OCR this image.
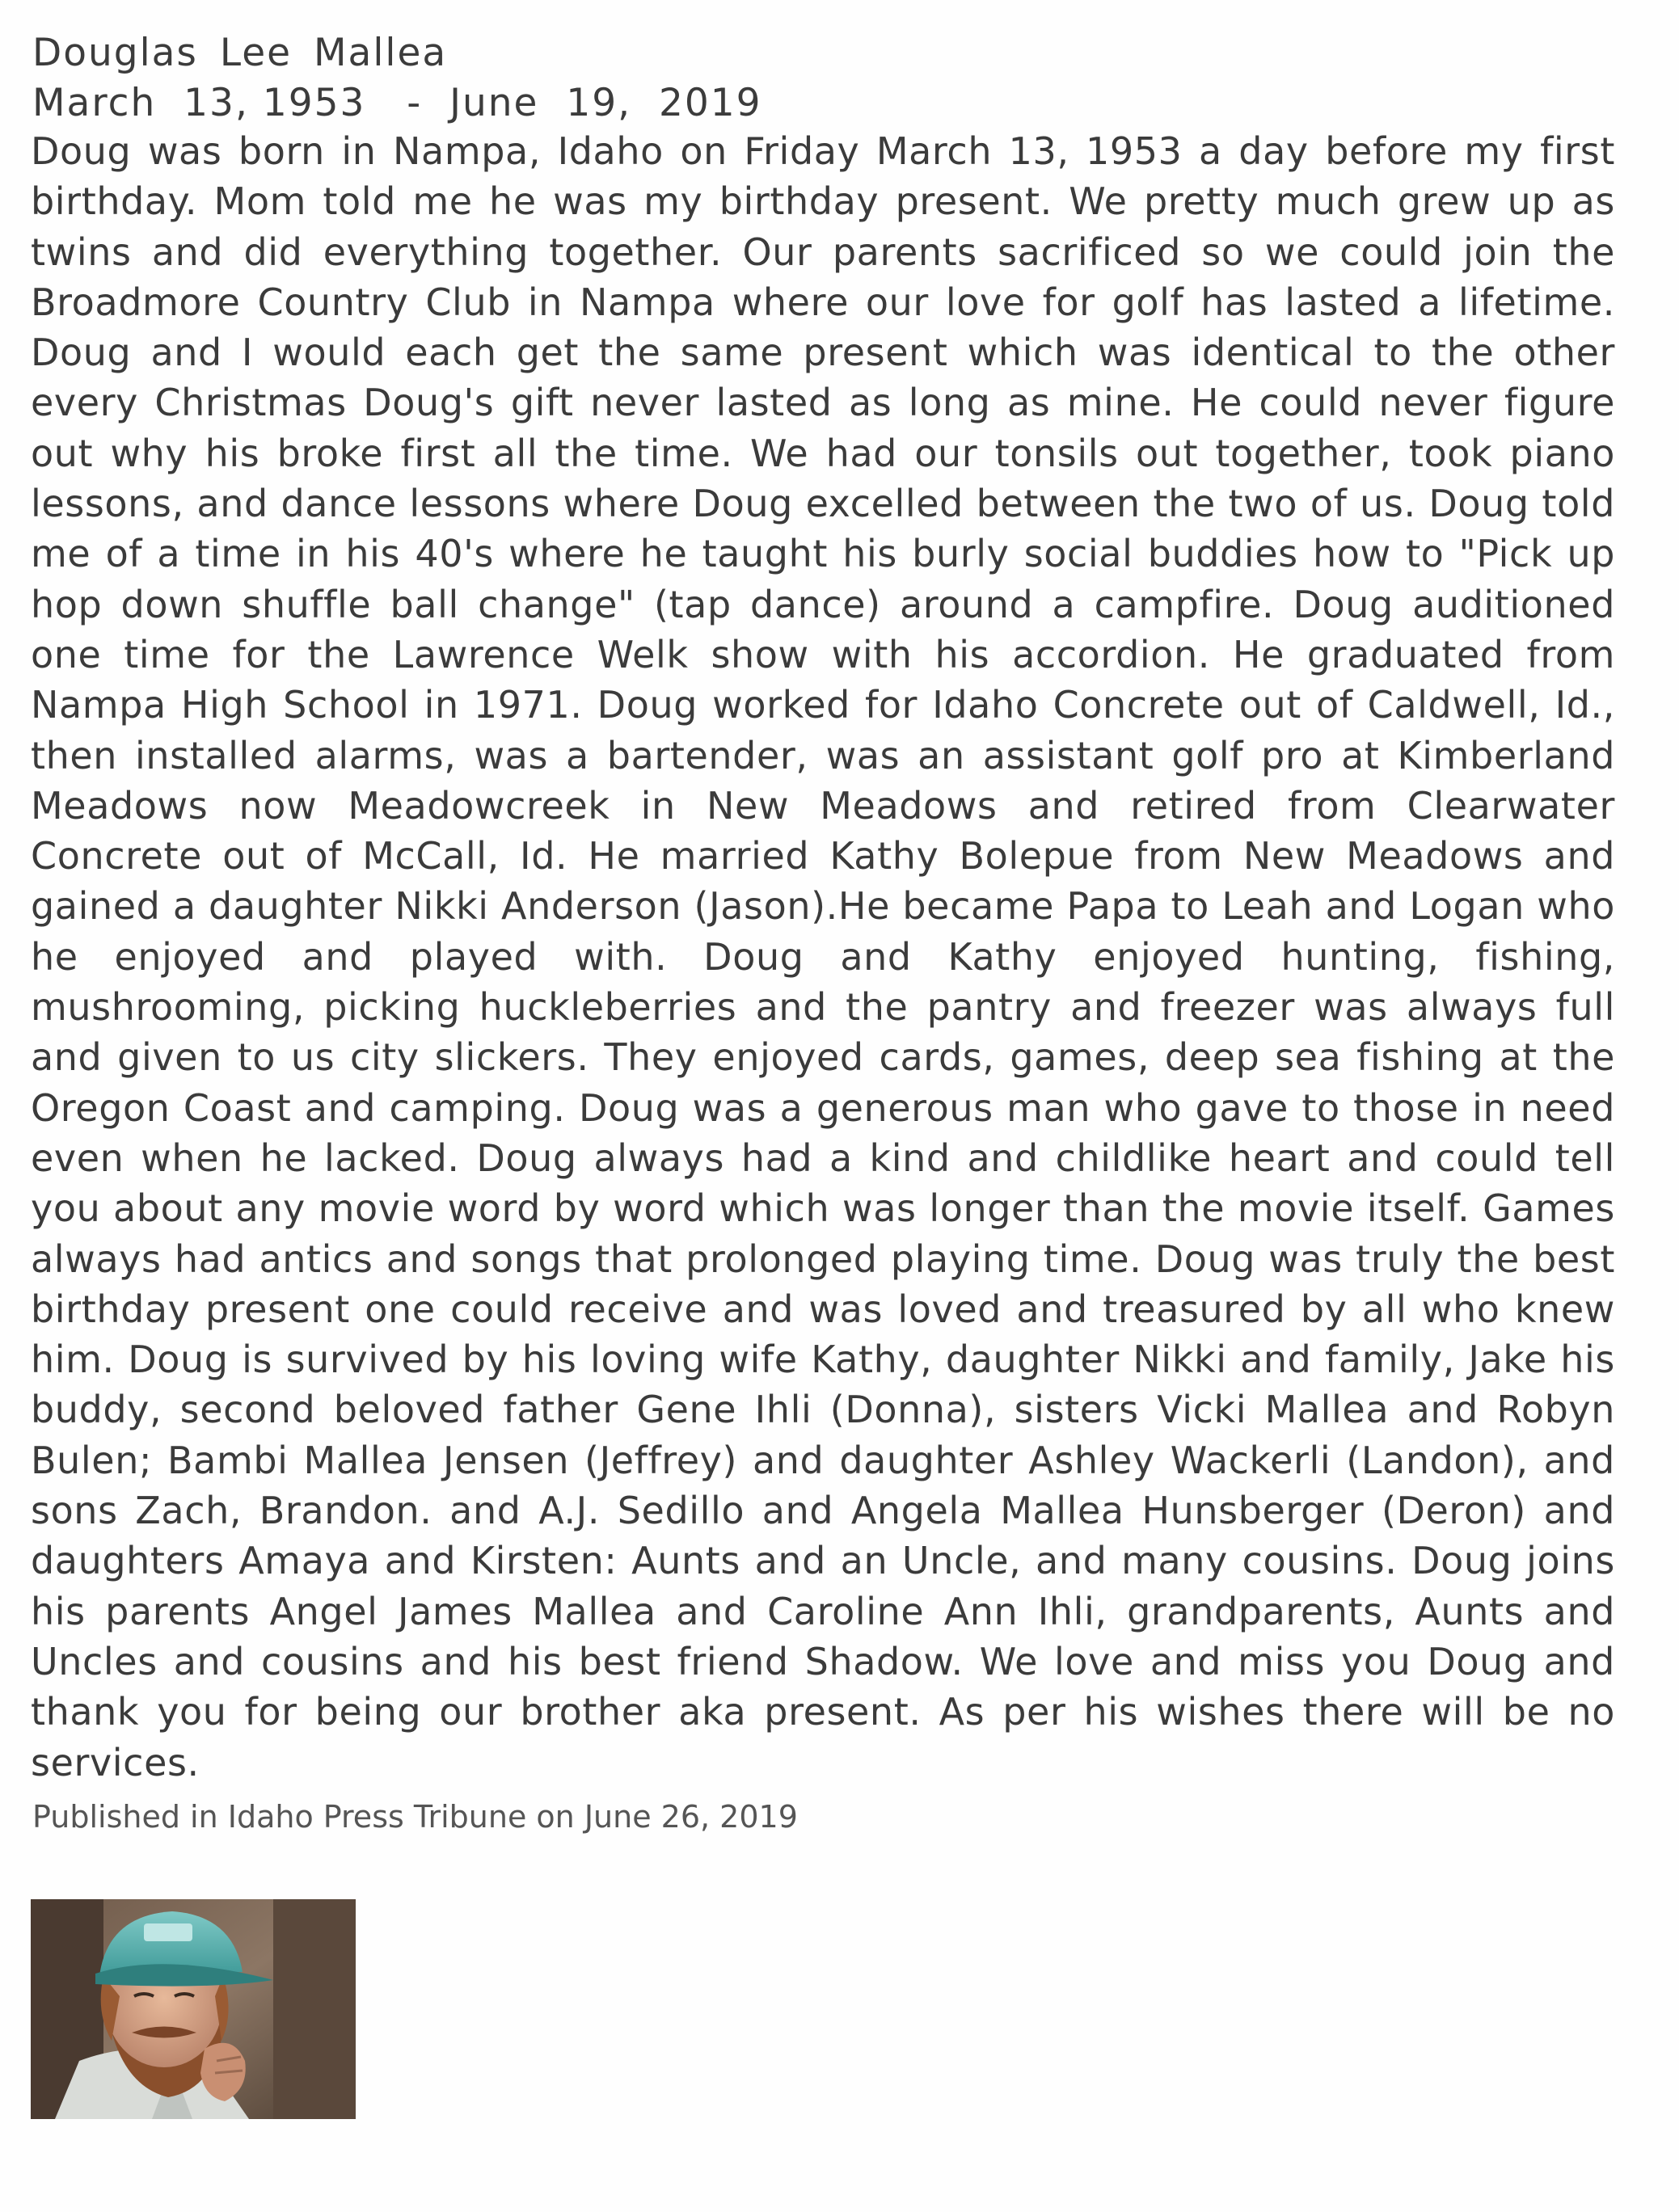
Douglas Lee Mallea
March  13, 1953   -  June  19,  2019
Doug was born in Nampa, Idaho on Friday March 13, 1953 a day before my first birthday. Mom told me he was my birthday present. We pretty much grew up as twins and did everything together. Our parents sacrificed so we could join the Broadmore Country Club in Nampa where our love for golf has lasted a lifetime. Doug and I would each get the same present which was identical to the other every Christmas Doug's gift never lasted as long as mine. He could never figure out why his broke first all the time. We had our tonsils out together, took piano lessons, and dance lessons where Doug excelled between the two of us. Doug told me of a time in his 40's where he taught his burly social buddies how to "Pick up hop down shuffle ball change" (tap dance) around a campfire. Doug auditioned one time for the Lawrence Welk show with his accordion. He graduated from Nampa High School in 1971. Doug worked for Idaho Concrete out of Caldwell, Id., then installed alarms, was a bartender, was an assistant golf pro at Kimberland Meadows now Meadowcreek in New Meadows and retired from Clearwater Concrete out of McCall, Id. He married Kathy Bolepue from New Meadows and gained a daughter Nikki Anderson (Jason).He became Papa to Leah and Logan who he enjoyed and played with. Doug and Kathy enjoyed hunting, fishing, mushrooming, picking huckleberries and the pantry and freezer was always full and given to us city slickers. They enjoyed cards, games, deep sea fishing at the Oregon Coast and camping. Doug was a generous man who gave to those in need even when he lacked. Doug always had a kind and childlike heart and could tell you about any movie word by word which was longer than the movie itself. Games always had antics and songs that prolonged playing time. Doug was truly the best birthday present one could receive and was loved and treasured by all who knew him. Doug is survived by his loving wife Kathy, daughter Nikki and family, Jake his buddy, second beloved father Gene Ihli (Donna), sisters Vicki Mallea and Robyn Bulen; Bambi Mallea Jensen (Jeffrey) and daughter Ashley Wackerli (Landon), and sons Zach, Brandon. and A.J. Sedillo and Angela Mallea Hunsberger (Deron) and daughters Amaya and Kirsten: Aunts and an Uncle, and many cousins. Doug joins his parents Angel James Mallea and Caroline Ann Ihli, grandparents, Aunts and Uncles and cousins and his best friend Shadow. We love and miss you Doug and thank you for being our brother aka present. As per his wishes there will be no services.
Published in Idaho Press Tribune on June 26, 2019
